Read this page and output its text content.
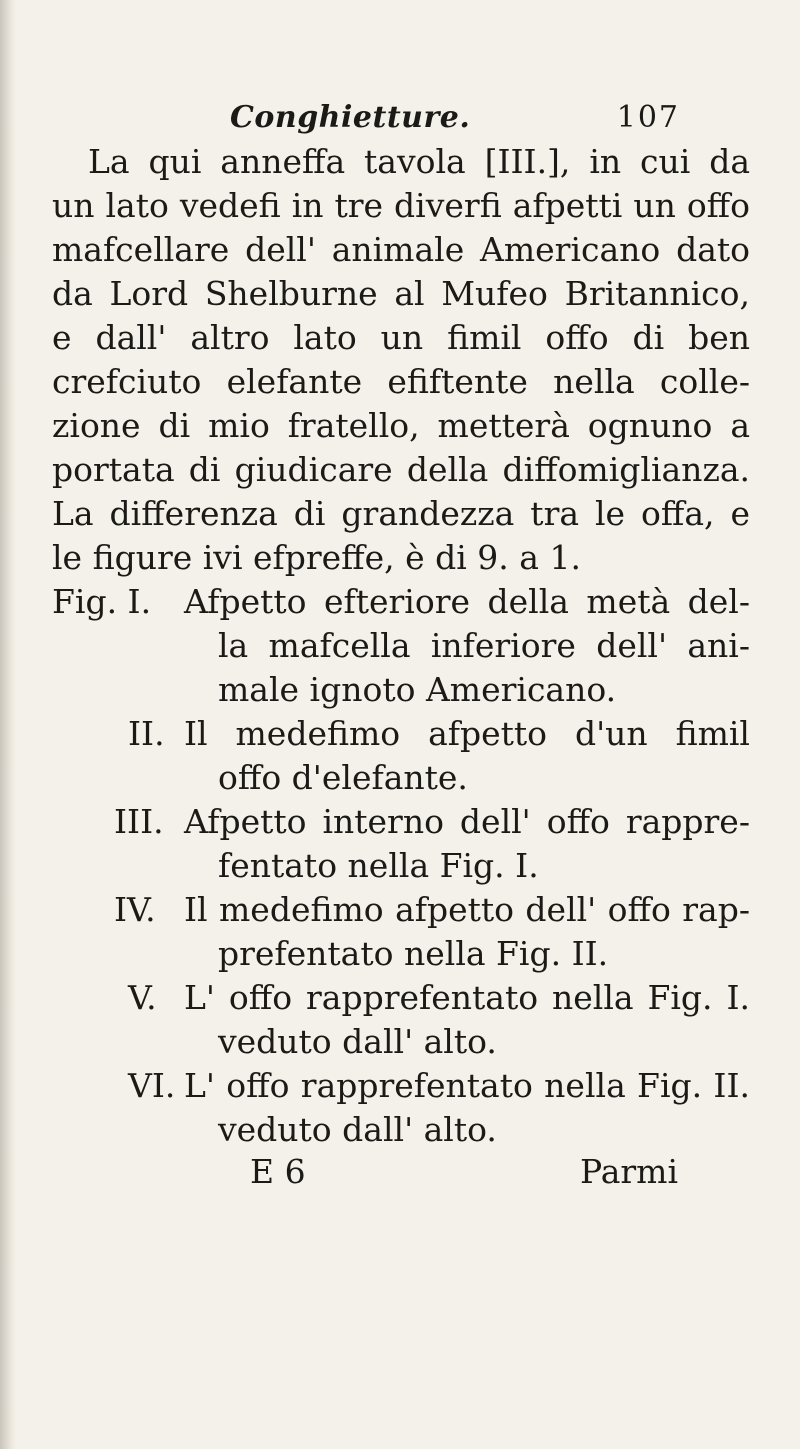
Conghietture.	107
La qui anneffa tavola [III.], in cui da
un lato vedefi in tre diverfi afpetti un offo
mafcellare dell' animale Americano dato
da Lord Shelburne al Mufeo Britannico,
e dall' altro lato un fimil offo di ben
crefciuto elefante efiftente nella colle-
zione di mio fratello, metterà ognuno a
portata di giudicare della diffomiglianza.
La differenza di grandezza tra le offa, e
le figure ivi efpreffe, è di 9. a 1.
Fig. I. Afpetto efteriore della metà del-
la mafcella inferiore dell' ani-
male ignoto Americano.
II. Il medefimo afpetto d'un fimil
offo d'elefante.
III. Afpetto interno dell' offo rappre-
fentato nella Fig. I.
IV. Il medefimo afpetto dell' offo rap-
prefentato nella Fig. II.
V. L' offo rapprefentato nella Fig. I.
veduto dall' alto.
VI. L' offo rapprefentato nella Fig. II.
veduto dall' alto.
E 6	Parmi
